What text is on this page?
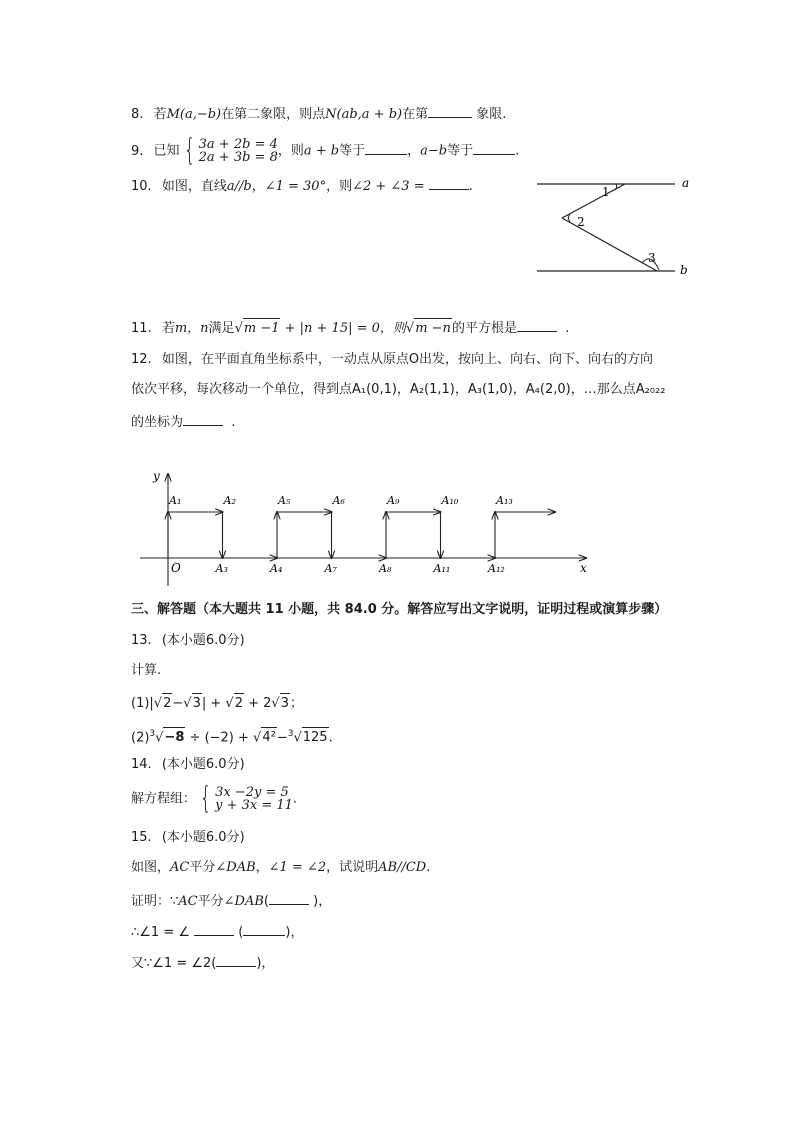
8. 若M(a,−b)在第二象限，则点N(ab,a + b)在第	象限.
9. 已知 { 3a + 2b = 4
2a + 3b = 8，则a + b等于	，a−b等于	.
10. 如图，直线a//b，∠1 = 30°，则∠2 + ∠3 =	.	1
2
3
a
b
11. 若m，n满足√m −1 + |n + 15| = 0，则√m −n的平方根是	.
12. 如图，在平面直角坐标系中，一动点从原点O出发，按向上、向右、向下、向右的方向
依次平移，每次移动一个单位，得到点A₁(0,1)，A₂(1,1)，A₃(1,0)，A₄(2,0)，…那么点A₂₀₂₂
的坐标为	.
y
x
O
A₁	A₂	A₅	A₆	A₉	A₁₀	A₁₃
A₃	A₄	A₇	A₈	A₁₁	A₁₂
三、解答题（本大题共 11 小题，共 84.0 分。解答应写出文字说明，证明过程或演算步骤）
13. (本小题6.0分)
计算.
(1)|√2−√3| + √2 + 2√3；
$(2)^3√-8 \div (-2) + √4^2-^3√125$.
14. (本小题6.0分)
解方程组： { 3x −2y = 5
y + 3x = 11.
15. (本小题6.0分)
如图，AC平分∠DAB，∠1 = ∠2，试说明AB//CD.
证明：∵AC平分∠DAB(	)，
∴∠1 = ∠	(	)，
又∵∠1 = ∠2(	)，
